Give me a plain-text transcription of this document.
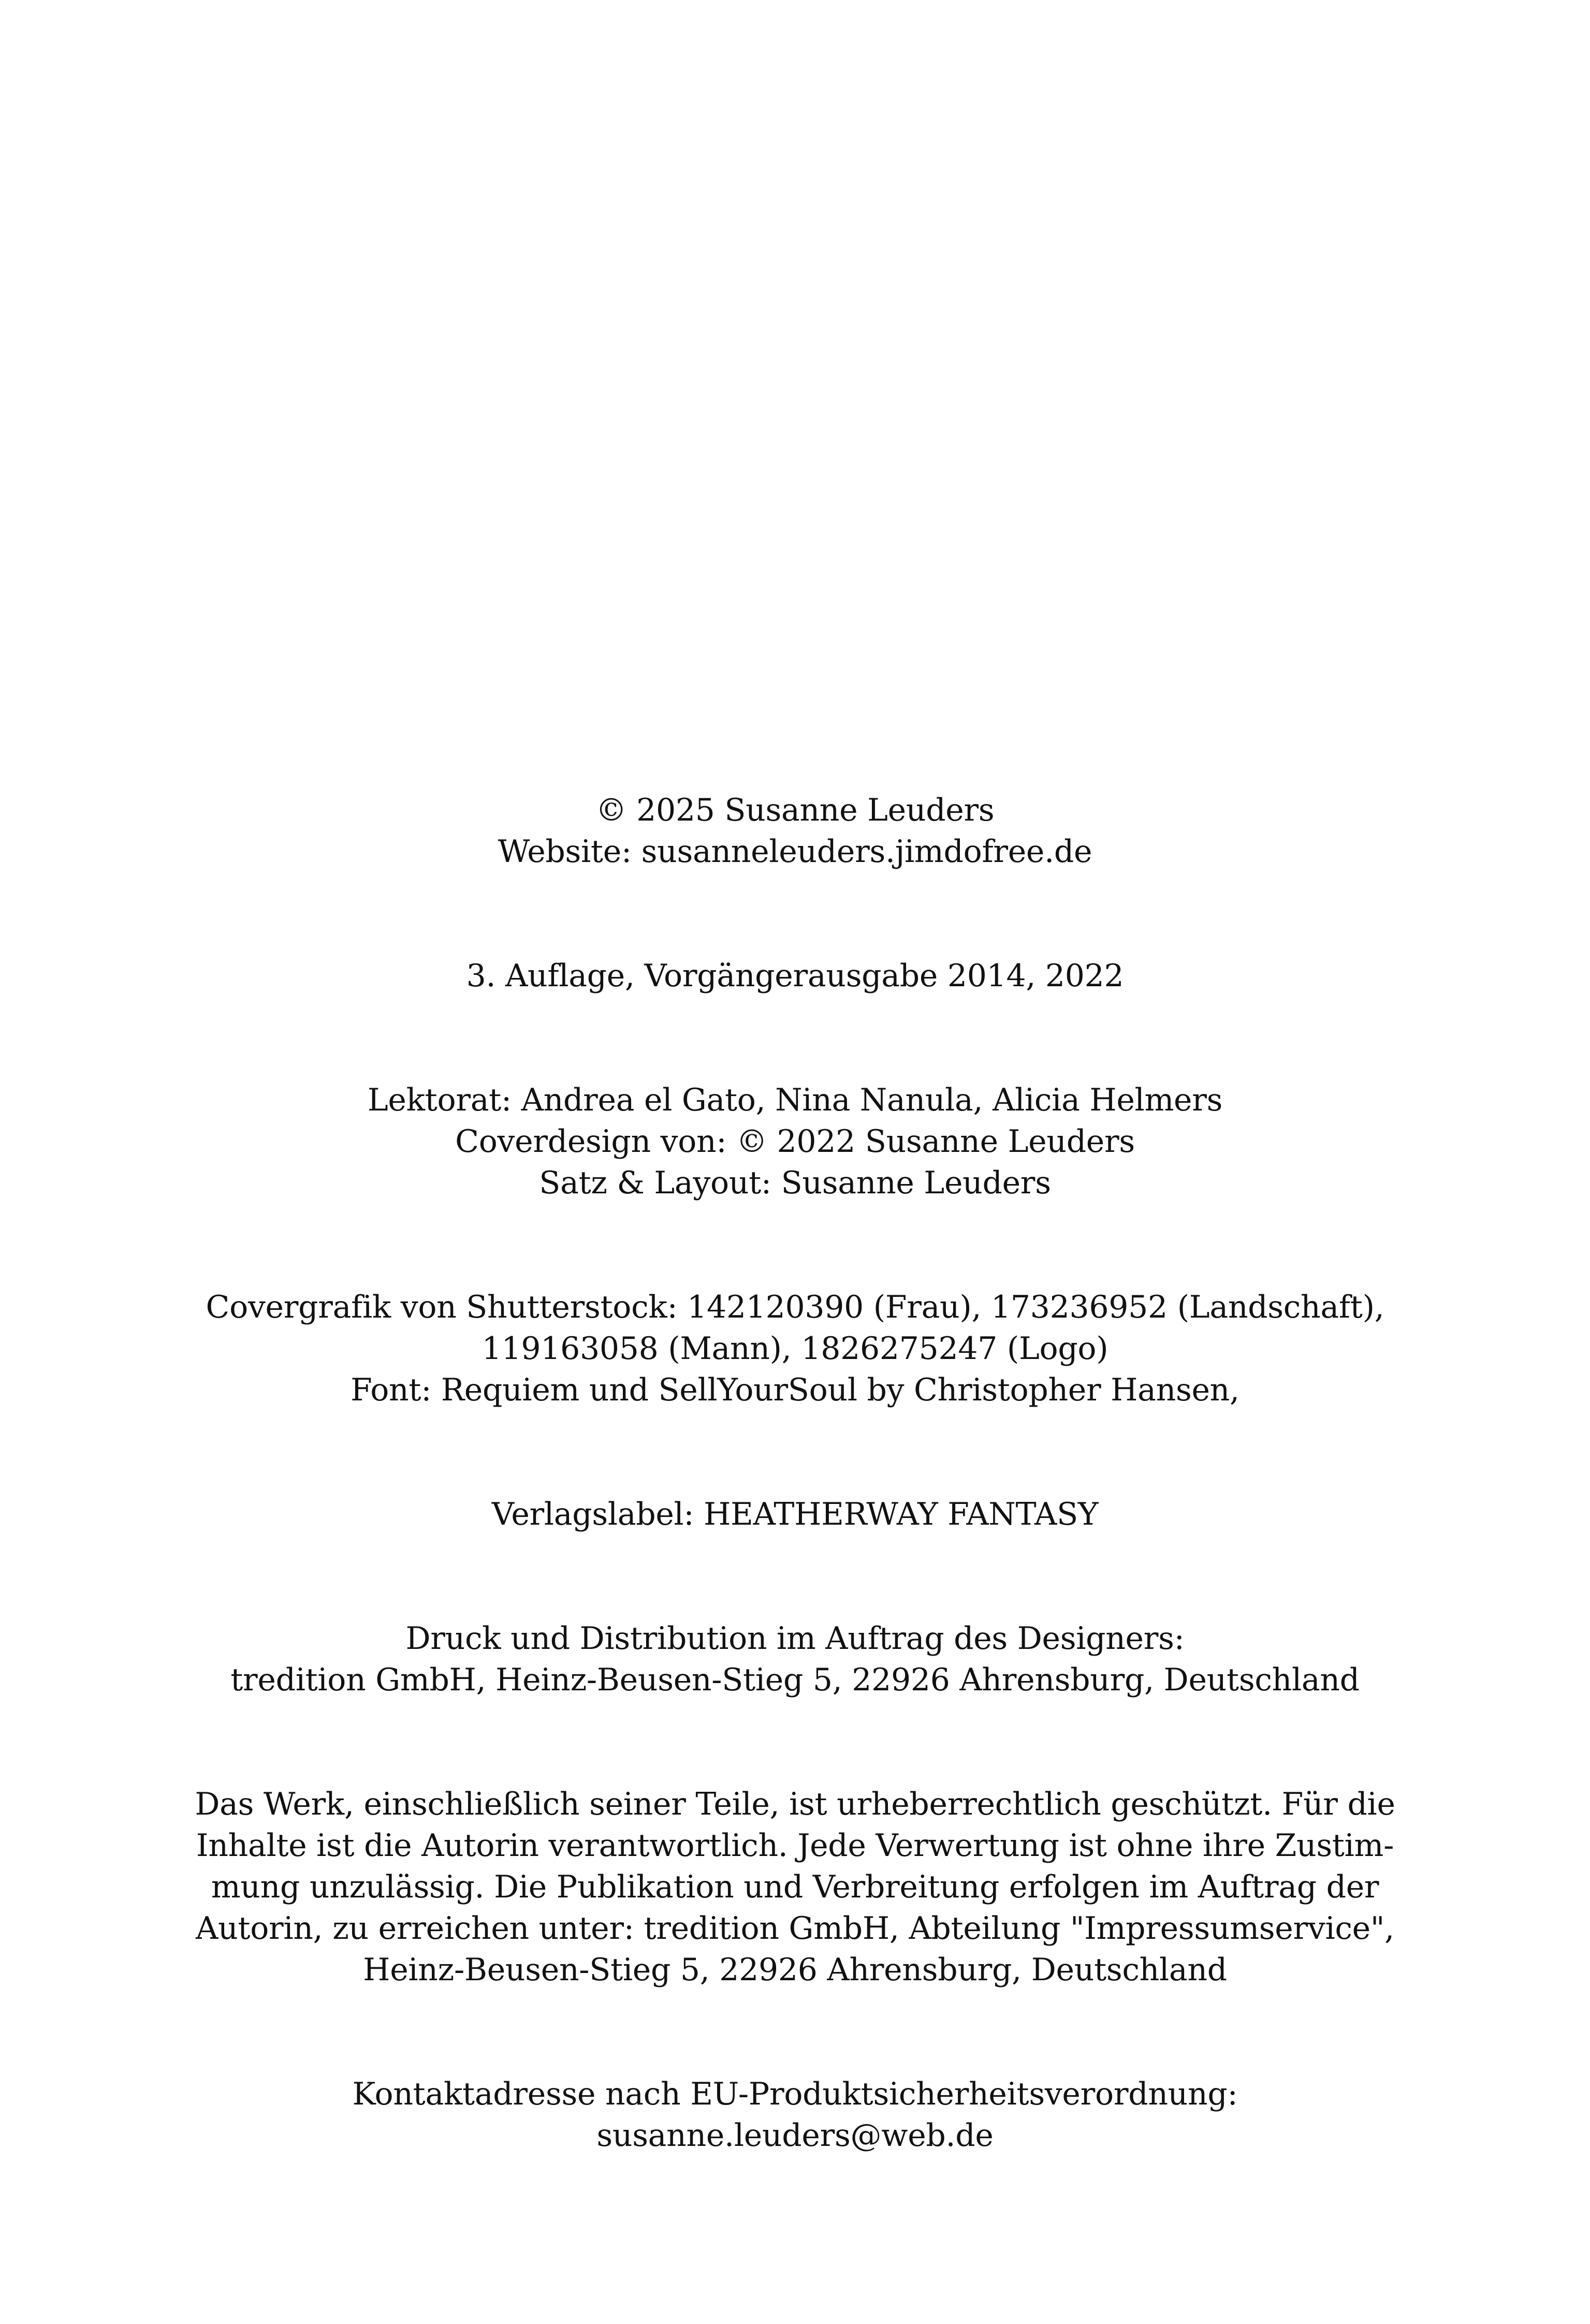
© 2025 Susanne Leuders
Website: susanneleuders.jimdofree.de
3. Auflage, Vorgängerausgabe 2014, 2022
Lektorat: Andrea el Gato, Nina Nanula, Alicia Helmers
Coverdesign von: © 2022 Susanne Leuders
Satz & Layout: Susanne Leuders
Covergrafik von Shutterstock: 142120390 (Frau), 173236952 (Landschaft),
119163058 (Mann), 1826275247 (Logo)
Font: Requiem und SellYourSoul by Christopher Hansen,
Verlagslabel: HEATHERWAY FANTASY
Druck und Distribution im Auftrag des Designers:
tredition GmbH, Heinz-Beusen-Stieg 5, 22926 Ahrensburg, Deutschland
Das Werk, einschließlich seiner Teile, ist urheberrechtlich geschützt. Für die
Inhalte ist die Autorin verantwortlich. Jede Verwertung ist ohne ihre Zustim-
mung unzulässig. Die Publikation und Verbreitung erfolgen im Auftrag der
Autorin, zu erreichen unter: tredition GmbH, Abteilung "Impressumservice",
Heinz-Beusen-Stieg 5, 22926 Ahrensburg, Deutschland
Kontaktadresse nach EU-Produktsicherheitsverordnung:
susanne.leuders@web.de
